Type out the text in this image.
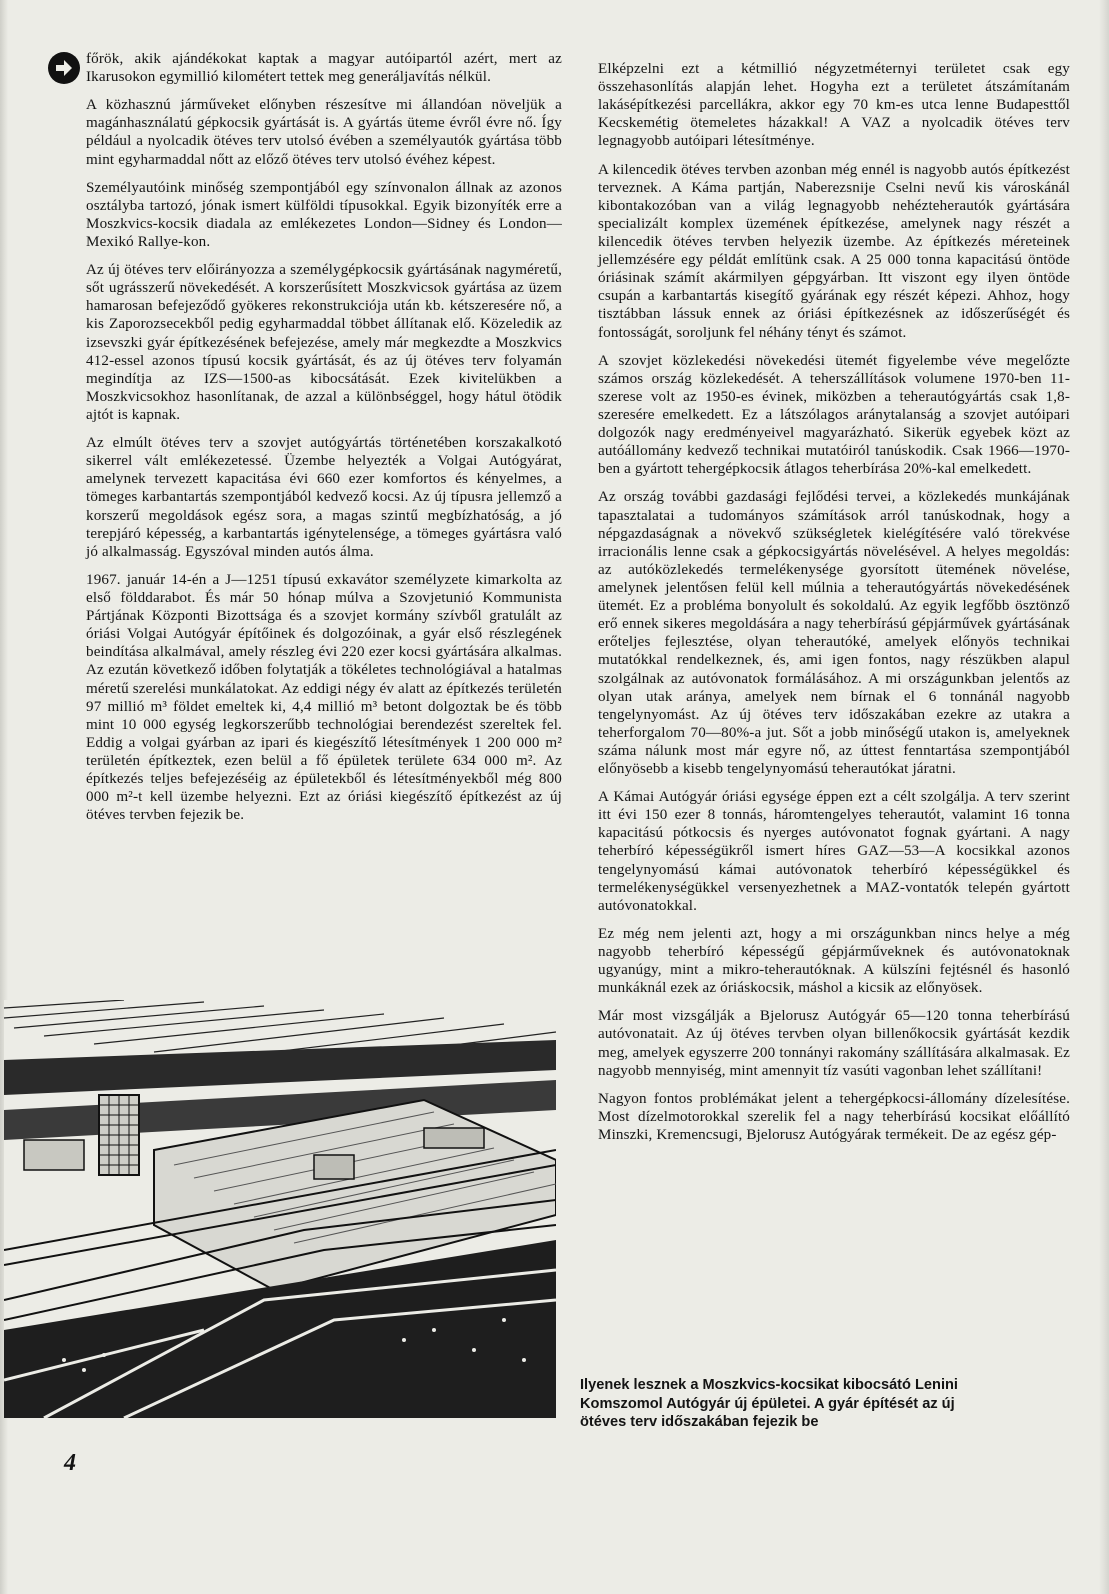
főrök, akik ajándékokat kaptak a magyar autóipartól azért, mert az Ikarusokon egymillió kilométert tettek meg generáljavítás nélkül.

A közhasznú járműveket előnyben részesítve mi állandóan növeljük a magánhasználatú gépkocsik gyártását is. A gyártás üteme évről évre nő. Így például a nyolcadik ötéves terv utolsó évében a személyautók gyártása több mint egyharmaddal nőtt az előző ötéves terv utolsó évéhez képest.

Személyautóink minőség szempontjából egy színvonalon állnak az azonos osztályba tartozó, jónak ismert külföldi típusokkal. Egyik bizonyíték erre a Moszkvics-kocsik diadala az emlékezetes London—Sidney és London—Mexikó Rallye-kon.

Az új ötéves terv előirányozza a személygépkocsik gyártásának nagyméretű, sőt ugrásszerű növekedését. A korszerűsített Moszkvicsok gyártása az üzem hamarosan befejeződő gyökeres rekonstrukciója után kb. kétszeresére nő, a kis Zaporozsecekből pedig egyharmaddal többet állítanak elő. Közeledik az izsevszki gyár építkezésének befejezése, amely már megkezdte a Moszkvics 412-essel azonos típusú kocsik gyártását, és az új ötéves terv folyamán megindítja az IZS—1500-as kibocsátását. Ezek kivitelükben a Moszkvicsokhoz hasonlítanak, de azzal a különbséggel, hogy hátul ötödik ajtót is kapnak.

Az elmúlt ötéves terv a szovjet autógyártás történetében korszakalkotó sikerrel vált emlékezetessé. Üzembe helyezték a Volgai Autógyárat, amelynek tervezett kapacitása évi 660 ezer komfortos és kényelmes, a tömeges karbantartás szempontjából kedvező kocsi. Az új típusra jellemző a korszerű megoldások egész sora, a magas szintű megbízhatóság, a jó terepjáró képesség, a karbantartás igénytelensége, a tömeges gyártásra való jó alkalmasság. Egyszóval minden autós álma.

1967. január 14-én a J—1251 típusú exkavátor személyzete kimarkolta az első földdarabot. És már 50 hónap múlva a Szovjetunió Kommunista Pártjának Központi Bizottsága és a szovjet kormány szívből gratulált az óriási Volgai Autógyár építőinek és dolgozóinak, a gyár első részlegének beindítása alkalmával, amely részleg évi 220 ezer kocsi gyártására alkalmas. Az ezután következő időben folytatják a tökéletes technológiával a hatalmas méretű szerelési munkálatokat. Az eddigi négy év alatt az építkezés területén 97 millió m³ földet emeltek ki, 4,4 millió m³ betont dolgoztak be és több mint 10 000 egység legkorszerűbb technológiai berendezést szereltek fel. Eddig a volgai gyárban az ipari és kiegészítő létesítmények 1 200 000 m² területén építkeztek, ezen belül a fő épületek területe 634 000 m². Az építkezés teljes befejezéséig az épületekből és létesítményekből még 800 000 m²-t kell üzembe helyezni. Ezt az óriási kiegészítő építkezést az új ötéves tervben fejezik be.

Elképzelni ezt a kétmillió négyzetméternyi területet csak egy összehasonlítás alapján lehet. Hogyha ezt a területet átszámítanám lakásépítkezési parcellákra, akkor egy 70 km-es utca lenne Budapesttől Kecskemétig ötemeletes házakkal! A VAZ a nyolcadik ötéves terv legnagyobb autóipari létesítménye.

A kilencedik ötéves tervben azonban még ennél is nagyobb autós építkezést terveznek. A Káma partján, Naberezsnije Cselni nevű kis városkánál kibontakozóban van a világ legnagyobb nehézteherautók gyártására specializált komplex üzemének építkezése, amelynek nagy részét a kilencedik ötéves tervben helyezik üzembe. Az építkezés méreteinek jellemzésére egy példát említünk csak. A 25 000 tonna kapacitású öntöde óriásinak számít akármilyen gépgyárban. Itt viszont egy ilyen öntöde csupán a karbantartás kisegítő gyárának egy részét képezi. Ahhoz, hogy tisztábban lássuk ennek az óriási építkezésnek az időszerűségét és fontosságát, soroljunk fel néhány tényt és számot.

A szovjet közlekedési növekedési ütemét figyelembe véve megelőzte számos ország közlekedését. A teherszállítások volumene 1970-ben 11-szerese volt az 1950-es évinek, miközben a teherautógyártás csak 1,8-szeresére emelkedett. Ez a látszólagos aránytalanság a szovjet autóipari dolgozók nagy eredményeivel magyarázható. Sikerük egyebek közt az autóállomány kedvező technikai mutatóiról tanúskodik. Csak 1966—1970-ben a gyártott tehergépkocsik átlagos teherbírása 20%-kal emelkedett.

Az ország további gazdasági fejlődési tervei, a közlekedés munkájának tapasztalatai a tudományos számítások arról tanúskodnak, hogy a népgazdaságnak a növekvő szükségletek kielégítésére való törekvése irracionális lenne csak a gépkocsigyártás növelésével. A helyes megoldás: az autóközlekedés termelékenysége gyorsított ütemének növelése, amelynek jelentősen felül kell múlnia a teherautógyártás növekedésének ütemét. Ez a probléma bonyolult és sokoldalú. Az egyik legfőbb ösztönző erő ennek sikeres megoldására a nagy teherbírású gépjárművek gyártásának erőteljes fejlesztése, olyan teherautóké, amelyek előnyös technikai mutatókkal rendelkeznek, és, ami igen fontos, nagy részükben alapul szolgálnak az autóvonatok formálásához. A mi országunkban jelentős az olyan utak aránya, amelyek nem bírnak el 6 tonnánál nagyobb tengelynyomást. Az új ötéves terv időszakában ezekre az utakra a teherforgalom 70—80%-a jut. Sőt a jobb minőségű utakon is, amelyeknek száma nálunk most már egyre nő, az úttest fenntartása szempontjából előnyösebb a kisebb tengelynyomású teherautókat járatni.

A Kámai Autógyár óriási egysége éppen ezt a célt szolgálja. A terv szerint itt évi 150 ezer 8 tonnás, háromtengelyes teherautót, valamint 16 tonna kapacitású pótkocsis és nyerges autóvonatot fognak gyártani. A nagy teherbíró képességükről ismert híres GAZ—53—A kocsikkal azonos tengelynyomású kámai autóvonatok teherbíró képességükkel és termelékenységükkel versenyezhetnek a MAZ-vontatók telepén gyártott autóvonatokkal.

Ez még nem jelenti azt, hogy a mi országunkban nincs helye a még nagyobb teherbíró képességű gépjárműveknek és autóvonatoknak ugyanúgy, mint a mikro-teherautóknak. A külszíni fejtésnél és hasonló munkáknál ezek az óriáskocsik, máshol a kicsik az előnyösek.

Már most vizsgálják a Bjelorusz Autógyár 65—120 tonna teherbírású autóvonatait. Az új ötéves tervben olyan billenőkocsik gyártását kezdik meg, amelyek egyszerre 200 tonnányi rakomány szállítására alkalmasak. Ez nagyobb mennyiség, mint amennyit tíz vasúti vagonban lehet szállítani!

Nagyon fontos problémákat jelent a tehergépkocsi-állomány dízelesítése. Most dízelmotorokkal szerelik fel a nagy teherbírású kocsikat előállító Minszki, Kremencsugi, Bjelorusz Autógyárak termékeit. De az egész gép-

Ilyenek lesznek a Moszkvics-kocsikat kibocsátó Lenini Komszomol Autógyár új épületei. A gyár építését az új ötéves terv időszakában fejezik be
4
